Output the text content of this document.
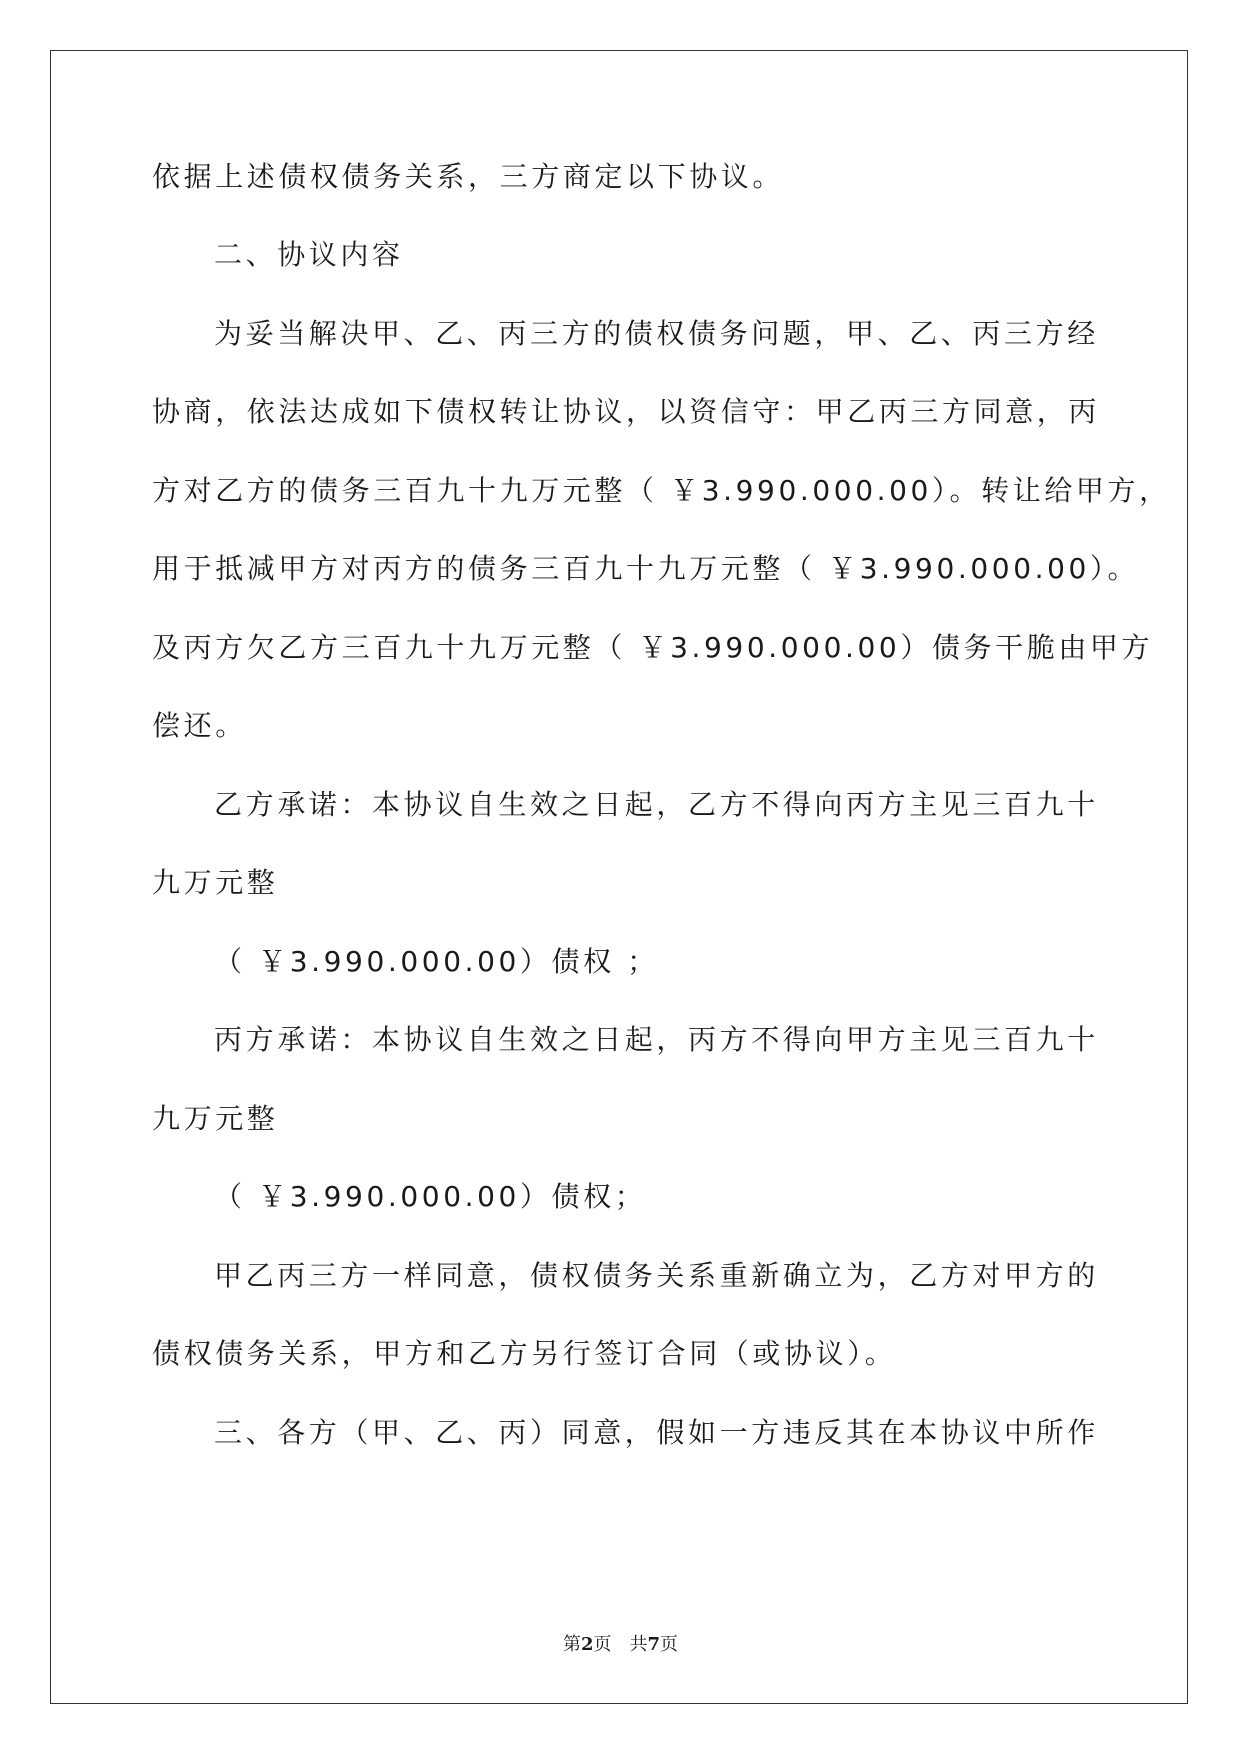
依据上述债权债务关系，三方商定以下协议。
二、协议内容
为妥当解决甲、乙、丙三方的债权债务问题，甲、乙、丙三方经
协商，依法达成如下债权转让协议，以资信守：甲乙丙三方同意，丙
方对乙方的债务三百九十九万元整（ ￥3.990.000.00）。转让给甲方，
用于抵减甲方对丙方的债务三百九十九万元整（ ￥3.990.000.00）。
及丙方欠乙方三百九十九万元整（ ￥3.990.000.00）债务干脆由甲方
偿还。
乙方承诺：本协议自生效之日起，乙方不得向丙方主见三百九十
九万元整
（ ￥3.990.000.00）债权 ；
丙方承诺：本协议自生效之日起，丙方不得向甲方主见三百九十
九万元整
（ ￥3.990.000.00）债权；
甲乙丙三方一样同意，债权债务关系重新确立为，乙方对甲方的
债权债务关系，甲方和乙方另行签订合同（或协议）。
三、各方（甲、乙、丙）同意，假如一方违反其在本协议中所作
第2页 共7页
